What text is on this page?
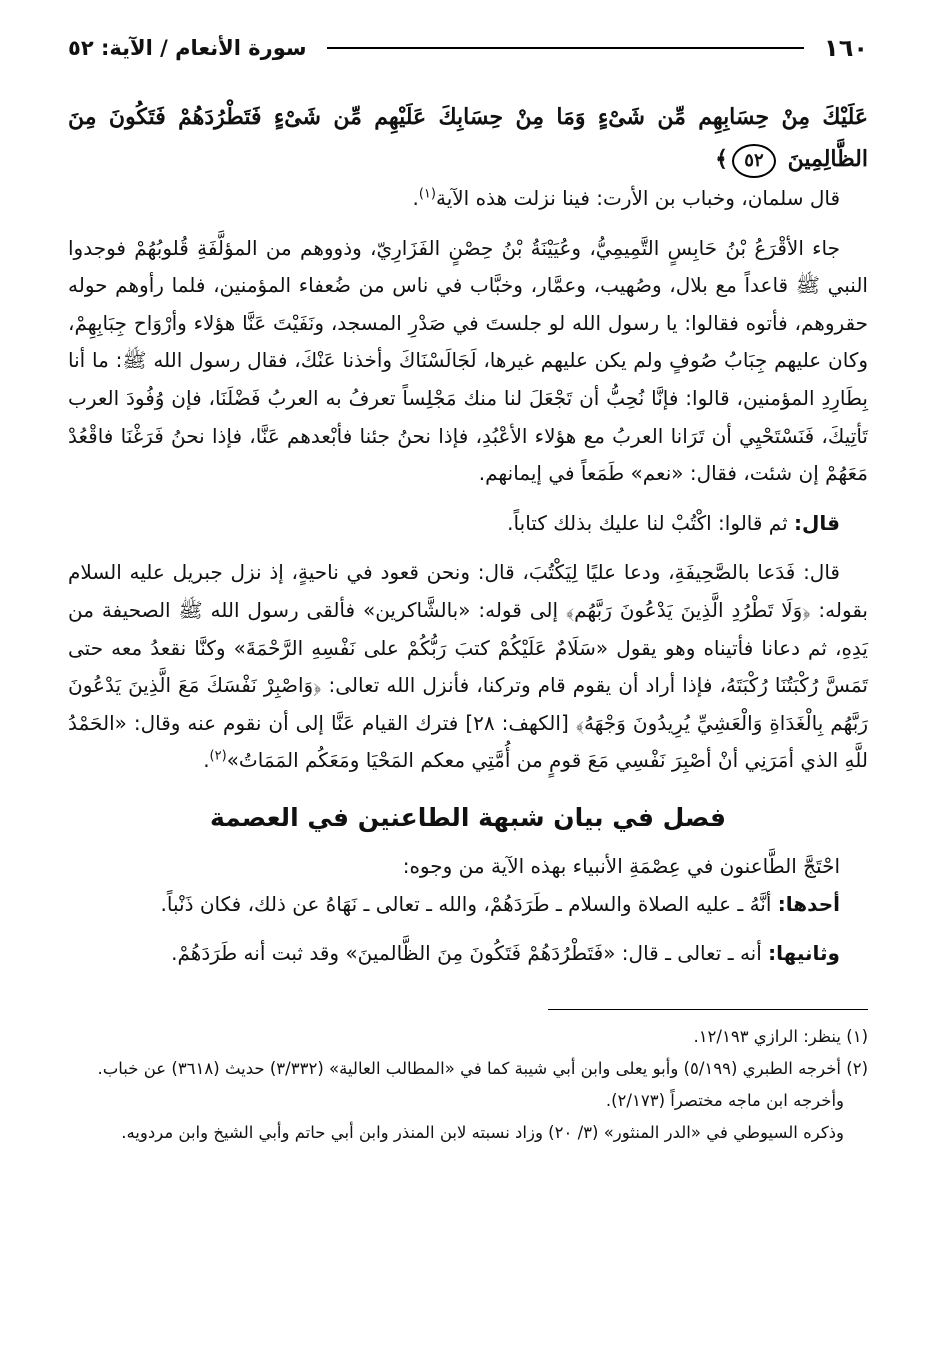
١٦٠
سورة الأنعام / الآية: ٥٢
عَلَيْكَ مِنْ حِسَابِهِم مِّن شَىْءٍ وَمَا مِنْ حِسَابِكَ عَلَيْهِم مِّن شَىْءٍ فَتَطْرُدَهُمْ فَتَكُونَ مِنَ الظَّالِمِينَ ٥٢﴾

قال سلمان، وخباب بن الأرت: فينا نزلت هذه الآية$^{(١)}$.

جاء الأقْرَعُ بْنُ حَابِسٍ التَّمِيمِيُّ، وعُيَيْنَةُ بْنُ حِصْنٍ الفَزَارِيّ، وذووهم من المؤلَّفَةِ قُلوبُهُمْ فوجدوا النبي ﷺ قاعداً مع بلال، وصُهيب، وعمَّار، وخبَّاب في ناس من ضُعفاء المؤمنين، فلما رأوهم حوله حقروهم، فأتوه فقالوا: يا رسول الله لو جلستَ في صَدْرِ المسجد، ونَفَيْتَ عَنَّا هؤلاء وأرْوَاح جِبَابِهِمْ، وكان عليهم جِبَابُ صُوفٍ ولم يكن عليهم غيرها، لَجَالَسْنَاكَ وأخذنا عَنْكَ، فقال رسول الله ﷺ: ما أنا بِطَارِدِ المؤمنين، قالوا: فإنَّا نُحِبُّ أن تَجْعَلَ لنا منك مَجْلِساً تعرفُ به العربُ فَضْلَنَا، فإن وُفُودَ العرب تَأتِيكَ، فَنَسْتَحْيِي أن تَرَانا العربُ مع هؤلاء الأعْبُدِ، فإذا نحنُ جئنا فأبْعدهم عَنَّا، فإذا نحنُ فَرَغْنَا فاقْعُدْ مَعَهُمْ إن شئت، فقال: «نعم» طَمَعاً في إيمانهم.

قال: ثم قالوا: اكْتُبْ لنا عليك بذلك كتاباً.

قال: فَدَعا بالصَّحِيفَةِ، ودعا عليًا لِيَكْتُبَ، قال: ونحن قعود في ناحيةٍ، إذ نزل جبريل عليه السلام بقوله: ﴿وَلَا تَطْرُدِ الَّذِينَ يَدْعُونَ رَبَّهُم﴾ إلى قوله: «بالشَّاكرين» فألقى رسول الله ﷺ الصحيفة من يَدِهِ، ثم دعانا فأتيناه وهو يقول «سَلَامٌ عَلَيْكُمْ كتبَ رَبُّكُمْ على نَفْسِهِ الرَّحْمَةَ» وكنَّا نقعدُ معه حتى تَمَسَّ رُكْبَتُنَا رُكْبَتَهُ، فإذا أراد أن يقوم قام وتركنا، فأنزل الله تعالى: ﴿وَاصْبِرْ نَفْسَكَ مَعَ الَّذِينَ يَدْعُونَ رَبَّهُم بِالْغَدَاةِ وَالْعَشِيِّ يُرِيدُونَ وَجْهَهُ﴾ [الكهف: ٢٨] فترك القيام عَنَّا إلى أن نقوم عنه وقال: «الحَمْدُ للَّهِ الذي أمَرَنِي أنْ أصْبِرَ نَفْسِي مَعَ قومٍ من أُمَّتِي معكم المَحْيَا ومَعَكُم المَمَاتُ»$^{(٢)}$.

فصل في بيان شبهة الطاعنين في العصمة

احْتَجَّ الطَّاعنون في عِصْمَةِ الأنبياء بهذه الآية من وجوه:

أحدها: أنَّهُ ـ عليه الصلاة والسلام ـ طَرَدَهُمْ، والله ـ تعالى ـ نَهَاهُ عن ذلك، فكان ذَنْباً.

وثانيها: أنه ـ تعالى ـ قال: «فَتَطْرُدَهُمْ فَتَكُونَ مِنَ الظَّالمينَ» وقد ثبت أنه طَرَدَهُمْ.

(١) ينظر: الرازي ١٢/١٩٣.

(٢) أخرجه الطبري (٥/١٩٩) وأبو يعلى وابن أبي شيبة كما في «المطالب العالية» (٣/٣٣٢) حديث (٣٦١٨) عن خباب.

وأخرجه ابن ماجه مختصراً (٢/١٧٣).

وذكره السيوطي في «الدر المنثور» (٣/ ٢٠) وزاد نسبته لابن المنذر وابن أبي حاتم وأبي الشيخ وابن مردويه.
